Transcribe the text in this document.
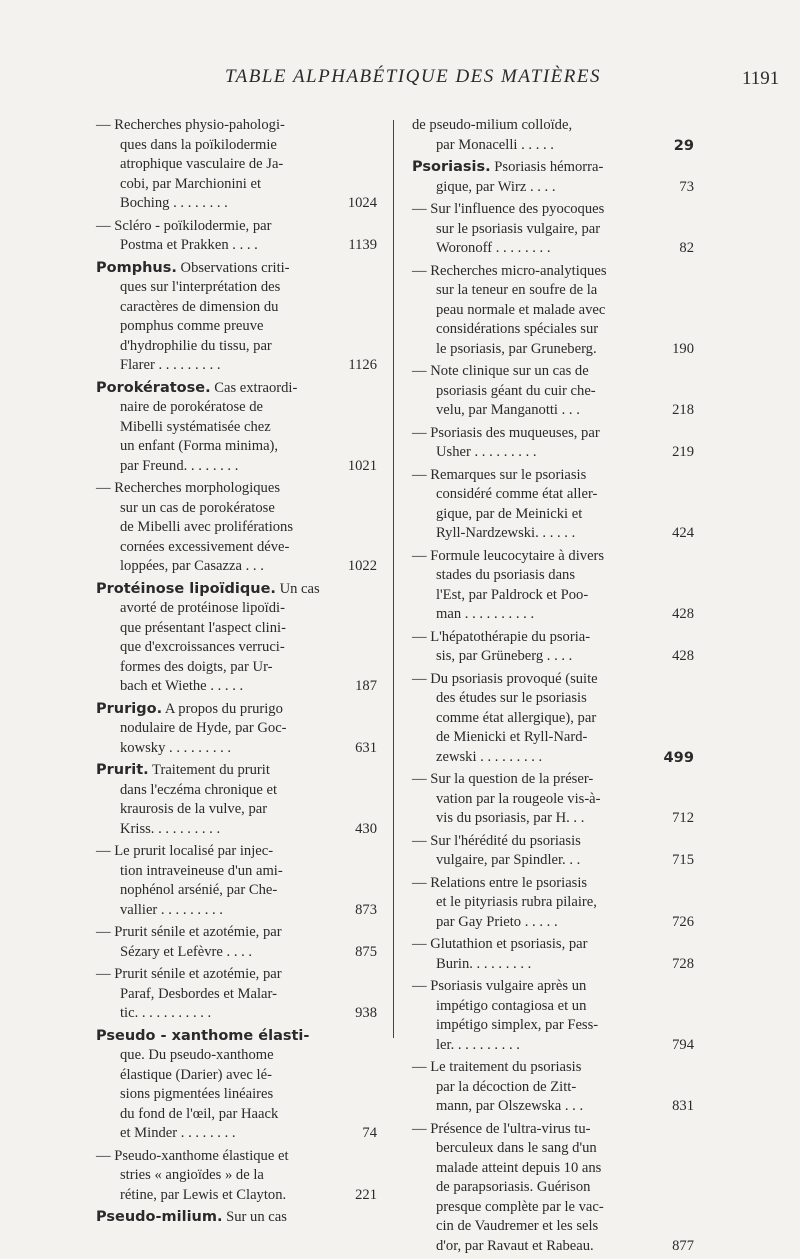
TABLE ALPHABÉTIQUE DES MATIÈRES	1191
— Recherches physio-pahologi-
ques dans la poïkilodermie
atrophique vasculaire de Ja-
cobi, par Marchionini et
Boching . . . . . . . .	1024
— Scléro - poïkilodermie, par
Postma et Prakken . . . .	1139
Pomphus. Observations criti-
ques sur l'interprétation des
caractères de dimension du
pomphus comme preuve
d'hydrophilie du tissu, par
Flarer . . . . . . . . .	1126
Porokératose. Cas extraordi-
naire de porokératose de
Mibelli systématisée chez
un enfant (Forma minima),
par Freund. . . . . . . .	1021
— Recherches morphologiques
sur un cas de porokératose
de Mibelli avec proliférations
cornées excessivement déve-
loppées, par Casazza . . .	1022
Protéinose lipoïdique. Un cas
avorté de protéinose lipoïdi-
que présentant l'aspect clini-
que d'excroissances verruci-
formes des doigts, par Ur-
bach et Wiethe . . . . .	187
Prurigo. A propos du prurigo
nodulaire de Hyde, par Goc-
kowsky . . . . . . . . .	631
Prurit. Traitement du prurit
dans l'eczéma chronique et
kraurosis de la vulve, par
Kriss. . . . . . . . . .	430
— Le prurit localisé par injec-
tion intraveineuse d'un ami-
nophénol arsénié, par Che-
vallier . . . . . . . . .	873
— Prurit sénile et azotémie, par
Sézary et Lefèvre . . . .	875
— Prurit sénile et azotémie, par
Paraf, Desbordes et Malar-
tic. . . . . . . . . . .	938
Pseudo - xanthome élasti-
que. Du pseudo-xanthome
élastique (Darier) avec lé-
sions pigmentées linéaires
du fond de l'œil, par Haack
et Minder . . . . . . . .	74
— Pseudo-xanthome élastique et
stries « angioïdes » de la
rétine, par Lewis et Clayton.	221
Pseudo-milium. Sur un cas
de pseudo-milium colloïde,
par Monacelli . . . . .	29
Psoriasis. Psoriasis hémorra-
gique, par Wirz . . . .	73
— Sur l'influence des pyocoques
sur le psoriasis vulgaire, par
Woronoff . . . . . . . .	82
— Recherches micro-analytiques
sur la teneur en soufre de la
peau normale et malade avec
considérations spéciales sur
le psoriasis, par Gruneberg.	190
— Note clinique sur un cas de
psoriasis géant du cuir che-
velu, par Manganotti . . .	218
— Psoriasis des muqueuses, par
Usher . . . . . . . . .	219
— Remarques sur le psoriasis
considéré comme état aller-
gique, par de Meinicki et
Ryll-Nardzewski. . . . . .	424
— Formule leucocytaire à divers
stades du psoriasis dans
l'Est, par Paldrock et Poo-
man . . . . . . . . . .	428
— L'hépatothérapie du psoria-
sis, par Grüneberg . . . .	428
— Du psoriasis provoqué (suite
des études sur le psoriasis
comme état allergique), par
de Mienicki et Ryll-Nard-
zewski . . . . . . . . .	499
— Sur la question de la préser-
vation par la rougeole vis-à-
vis du psoriasis, par H. . .	712
— Sur l'hérédité du psoriasis
vulgaire, par Spindler. . .	715
— Relations entre le psoriasis
et le pityriasis rubra pilaire,
par Gay Prieto . . . . .	726
— Glutathion et psoriasis, par
Burin. . . . . . . . .	728
— Psoriasis vulgaire après un
impétigo contagiosa et un
impétigo simplex, par Fess-
ler. . . . . . . . . .	794
— Le traitement du psoriasis
par la décoction de Zitt-
mann, par Olszewska . . .	831
— Présence de l'ultra-virus tu-
berculeux dans le sang d'un
malade atteint depuis 10 ans
de parapsoriasis. Guérison
presque complète par le vac-
cin de Vaudremer et les sels
d'or, par Ravaut et Rabeau.	877
